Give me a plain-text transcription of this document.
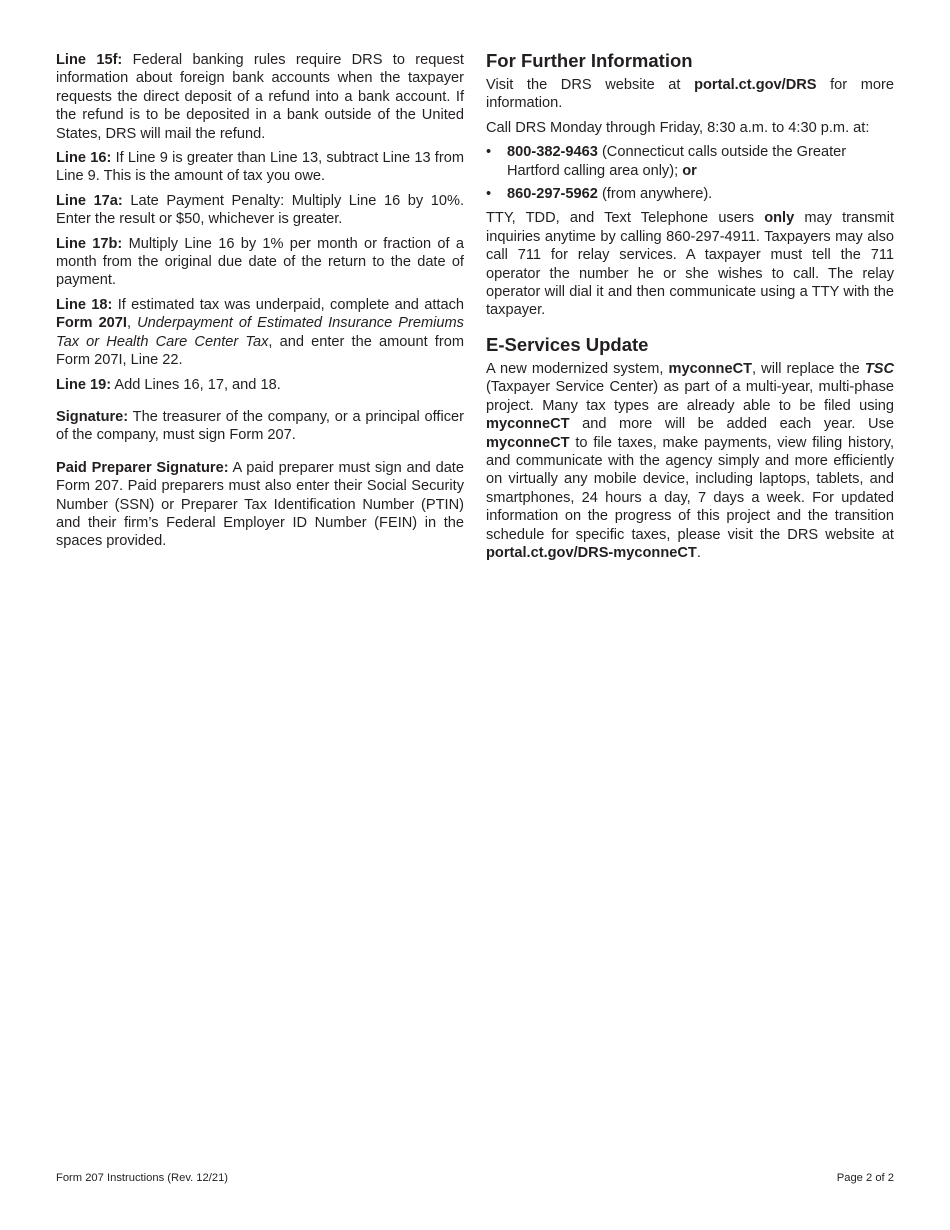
Line 15f: Federal banking rules require DRS to request information about foreign bank accounts when the taxpayer requests the direct deposit of a refund into a bank account. If the refund is to be deposited in a bank outside of the United States, DRS will mail the refund.

Line 16: If Line 9 is greater than Line 13, subtract Line 13 from Line 9. This is the amount of tax you owe.

Line 17a: Late Payment Penalty: Multiply Line 16 by 10%. Enter the result or $50, whichever is greater.

Line 17b: Multiply Line 16 by 1% per month or fraction of a month from the original due date of the return to the date of payment.

Line 18: If estimated tax was underpaid, complete and attach Form 207I, Underpayment of Estimated Insurance Premiums Tax or Health Care Center Tax, and enter the amount from Form 207I, Line 22.

Line 19: Add Lines 16, 17, and 18.

Signature: The treasurer of the company, or a principal officer of the company, must sign Form 207.

Paid Preparer Signature: A paid preparer must sign and date Form 207. Paid preparers must also enter their Social Security Number (SSN) or Preparer Tax Identification Number (PTIN) and their firm’s Federal Employer ID Number (FEIN) in the spaces provided.

For Further Information

Visit the DRS website at portal.ct.gov/DRS for more information.

Call DRS Monday through Friday, 8:30 a.m. to 4:30 p.m. at:

• 800-382-9463 (Connecticut calls outside the Greater Hartford calling area only); or
• 860-297-5962 (from anywhere).

TTY, TDD, and Text Telephone users only may transmit inquiries anytime by calling 860-297-4911. Taxpayers may also call 711 for relay services. A taxpayer must tell the 711 operator the number he or she wishes to call. The relay operator will dial it and then communicate using a TTY with the taxpayer.

E-Services Update

A new modernized system, myconneCT, will replace the TSC (Taxpayer Service Center) as part of a multi-year, multi-phase project. Many tax types are already able to be filed using myconneCT and more will be added each year. Use myconneCT to file taxes, make payments, view filing history, and communicate with the agency simply and more efficiently on virtually any mobile device, including laptops, tablets, and smartphones, 24 hours a day, 7 days a week. For updated information on the progress of this project and the transition schedule for specific taxes, please visit the DRS website at portal.ct.gov/DRS-myconneCT.

Form 207 Instructions (Rev. 12/21)	Page 2 of 2
